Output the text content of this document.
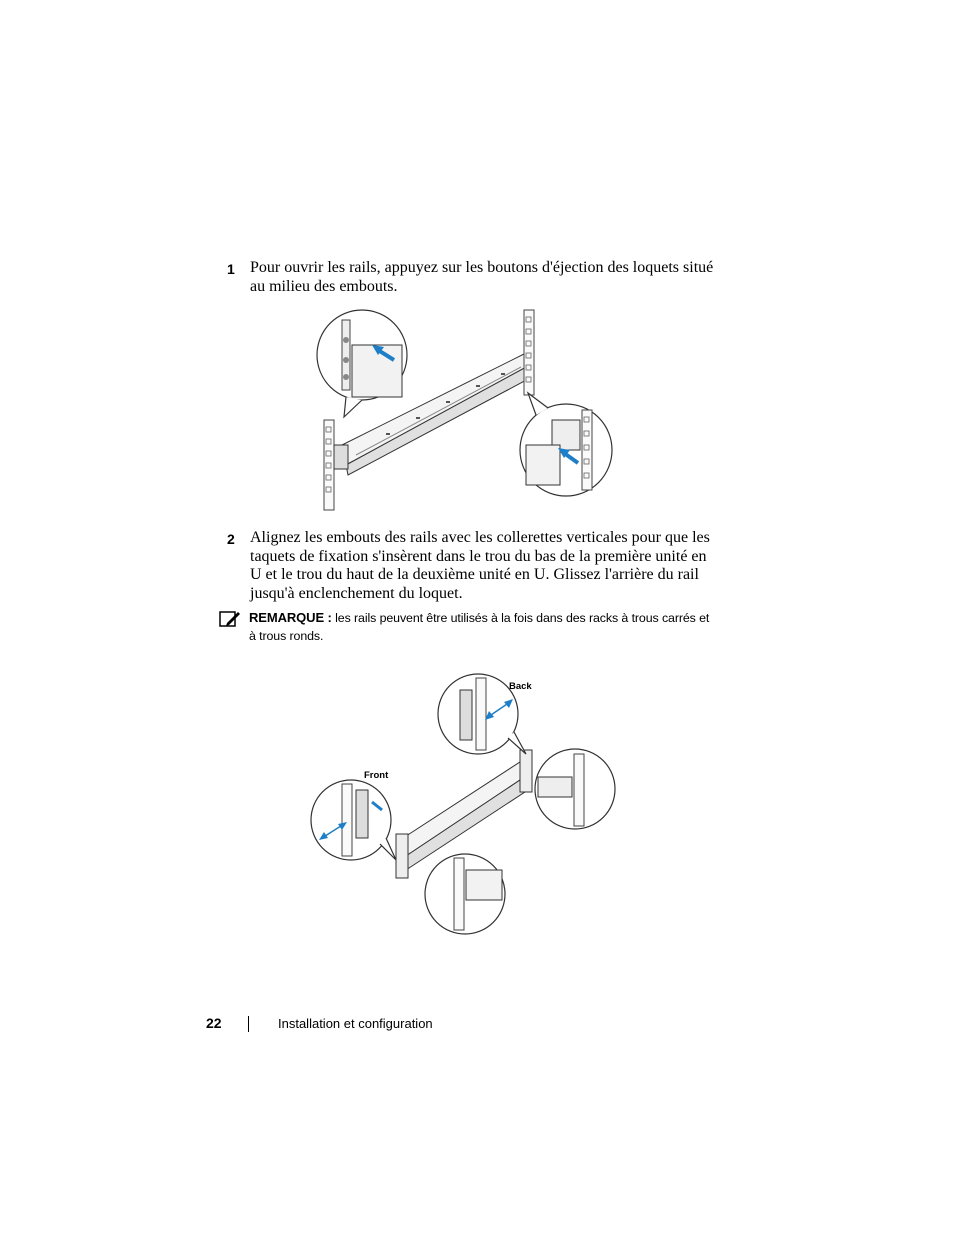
1 Pour ouvrir les rails, appuyez sur les boutons d'éjection des loquets situé au milieu des embouts.
2 Alignez les embouts des rails avec les collerettes verticales pour que les taquets de fixation s'insèrent dans le trou du bas de la première unité en U et le trou du haut de la deuxième unité en U. Glissez l'arrière du rail jusqu'à enclenchement du loquet.
REMARQUE : les rails peuvent être utilisés à la fois dans des racks à trous carrés et à trous ronds.
Back
Front
22	Installation et configuration
